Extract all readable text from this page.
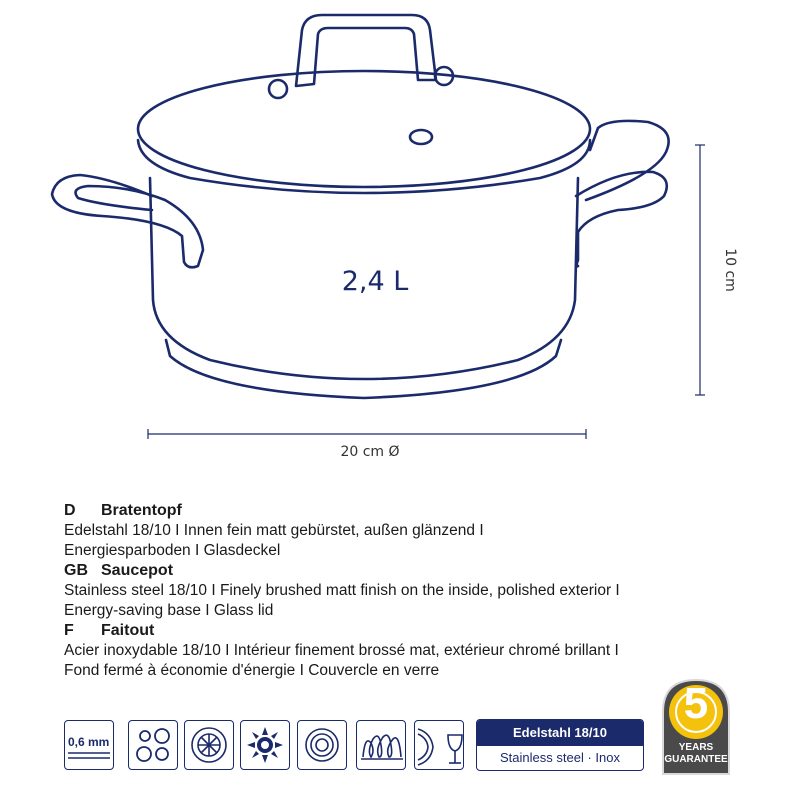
2,4 L
20 cm Ø
10 cm
D Bratentopf
Edelstahl 18/10 I Innen fein matt gebürstet, außen glänzend I
Energiesparboden I Glasdeckel
GB Saucepot
Stainless steel 18/10 I Finely brushed matt finish on the inside, polished exterior I
Energy-saving base I Glass lid
F Faitout
Acier inoxydable 18/10 I Intérieur finement brossé mat, extérieur chromé brillant I
Fond fermé à économie d'énergie I Couvercle en verre
0,6 mm
Edelstahl 18/10
Stainless steel · Inox
5
YEARS
GUARANTEE
